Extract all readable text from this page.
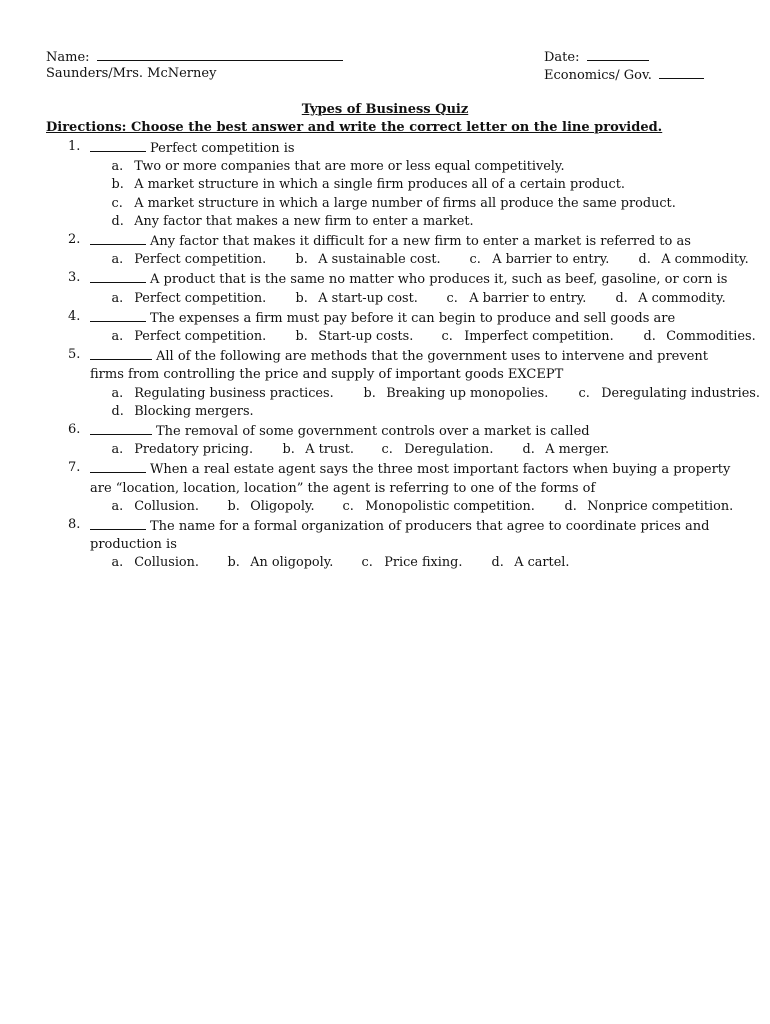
Name:
Saunders/Mrs. McNerney
Date:
Economics/ Gov.
Types of Business Quiz
Directions: Choose the best answer and write the correct letter on the line provided.
1.	Perfect competition is
a. Two or more companies that are more or less equal competitively.
b. A market structure in which a single firm produces all of a certain product.
c. A market structure in which a large number of firms all produce the same product.
d. Any factor that makes a new firm to enter a market.
2.	Any factor that makes it difficult for a new firm to enter a market is referred to as
a. Perfect competition. b. A sustainable cost. c. A barrier to entry. d. A commodity.
3.	A product that is the same no matter who produces it, such as beef, gasoline, or corn is
a. Perfect competition. b. A start-up cost. c. A barrier to entry. d. A commodity.
4.	The expenses a firm must pay before it can begin to produce and sell goods are
a. Perfect competition. b. Start-up costs. c. Imperfect competition. d. Commodities.
5.	All of the following are methods that the government uses to intervene and prevent
firms from controlling the price and supply of important goods EXCEPT
a. Regulating business practices. b. Breaking up monopolies. c. Deregulating industries.
d. Blocking mergers.
6.	The removal of some government controls over a market is called
a. Predatory pricing. b. A trust. c. Deregulation. d. A merger.
7.	When a real estate agent says the three most important factors when buying a property
are “location, location, location” the agent is referring to one of the forms of
a. Collusion. b. Oligopoly. c. Monopolistic competition. d. Nonprice competition.
8.	The name for a formal organization of producers that agree to coordinate prices and
production is
a. Collusion. b. An oligopoly. c. Price fixing. d. A cartel.
